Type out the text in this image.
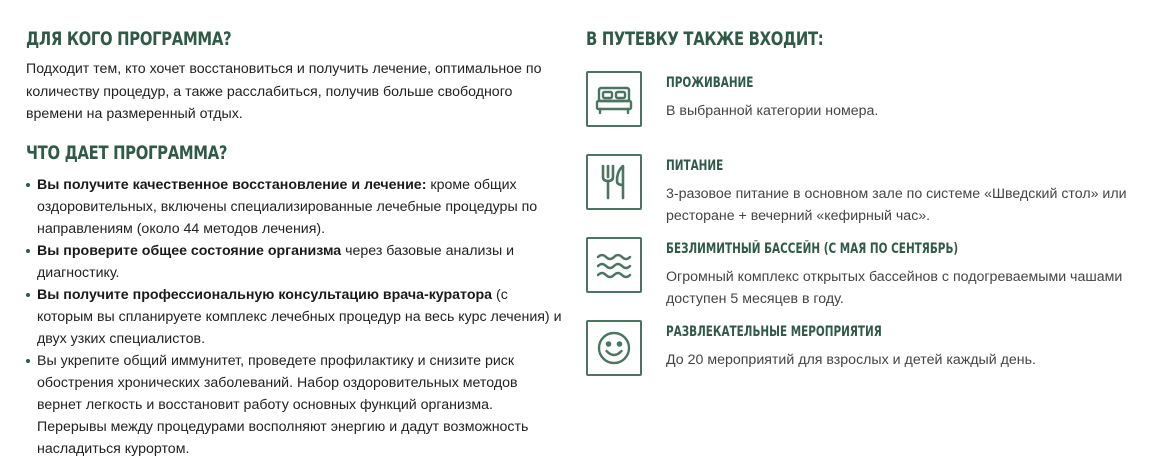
ДЛЯ КОГО ПРОГРАММА?

Подходит тем, кто хочет восстановиться и получить лечение, оптимальное по количеству процедур, а также расслабиться, получив больше свободного времени на размеренный отдых.

ЧТО ДАЕТ ПРОГРАММА?
Вы получите качественное восстановление и лечение: кроме общих оздоровительных, включены специализированные лечебные процедуры по направлениям (около 44 методов лечения).
Вы проверите общее состояние организма через базовые анализы и диагностику.
Вы получите профессиональную консультацию врача-куратора (с которым вы спланируете комплекс лечебных процедур на весь курс лечения) и двух узких специалистов.
Вы укрепите общий иммунитет, проведете профилактику и снизите риск обострения хронических заболеваний. Набор оздоровительных методов вернет легкость и восстановит работу основных функций организма. Перерывы между процедурами восполняют энергию и дадут возможность насладиться курортом.
В ПУТЕВКУ ТАКЖЕ ВХОДИТ:
ПРОЖИВАНИЕ
В выбранной категории номера.
ПИТАНИЕ
3-разовое питание в основном зале по системе «Шведский стол» или ресторане + вечерний «кефирный час».
БЕЗЛИМИТНЫЙ БАССЕЙН (С МАЯ ПО СЕНТЯБРЬ)
Огромный комплекс открытых бассейнов с подогреваемыми чашами доступен 5 месяцев в году.
РАЗВЛЕКАТЕЛЬНЫЕ МЕРОПРИЯТИЯ
До 20 мероприятий для взрослых и детей каждый день.
